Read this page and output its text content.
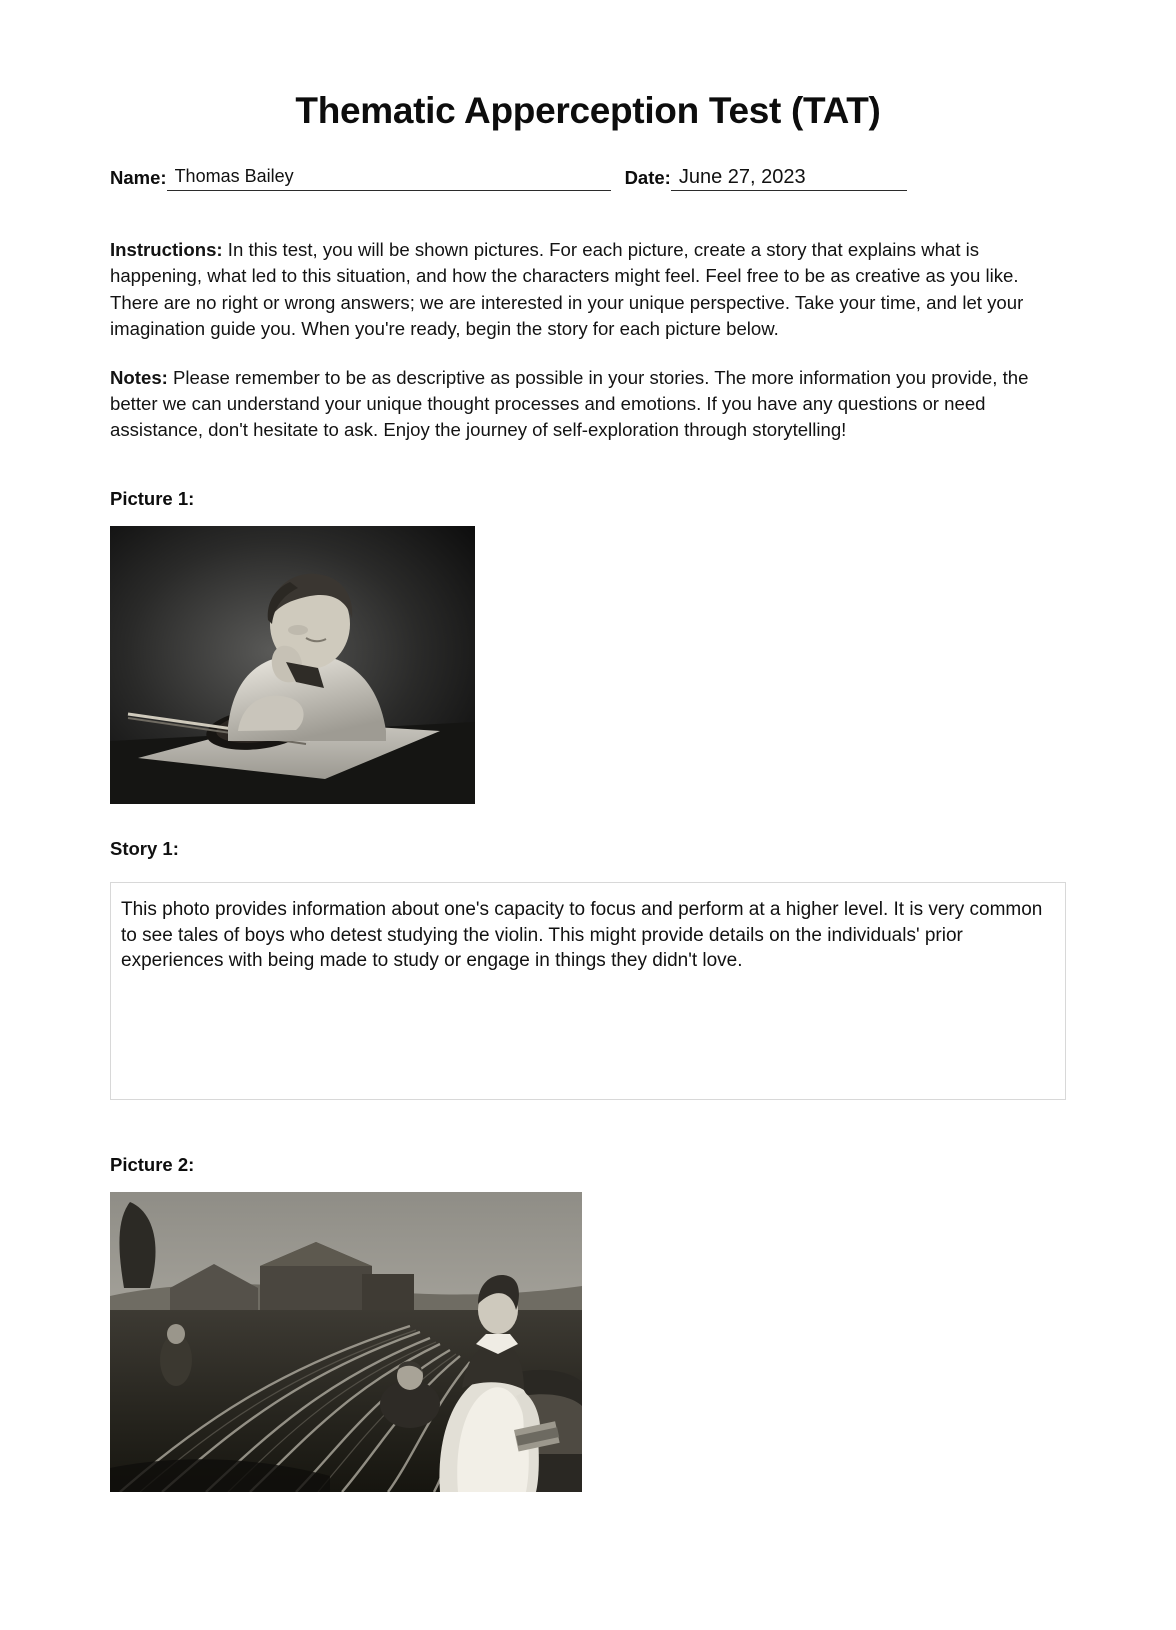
Thematic Apperception Test (TAT)
Name: Thomas Bailey	Date: June 27, 2023

Instructions: In this test, you will be shown pictures. For each picture, create a story that explains what is happening, what led to this situation, and how the characters might feel. Feel free to be as creative as you like. There are no right or wrong answers; we are interested in your unique perspective. Take your time, and let your imagination guide you. When you're ready, begin the story for each picture below.

Notes: Please remember to be as descriptive as possible in your stories. The more information you provide, the better we can understand your unique thought processes and emotions. If you have any questions or need assistance, don't hesitate to ask. Enjoy the journey of self-exploration through storytelling!

Picture 1:
Story 1:
This photo provides information about one's capacity to focus and perform at a higher level. It is very common to see tales of boys who detest studying the violin. This might provide details on the individuals' prior experiences with being made to study or engage in things they didn't love.
Picture 2:
